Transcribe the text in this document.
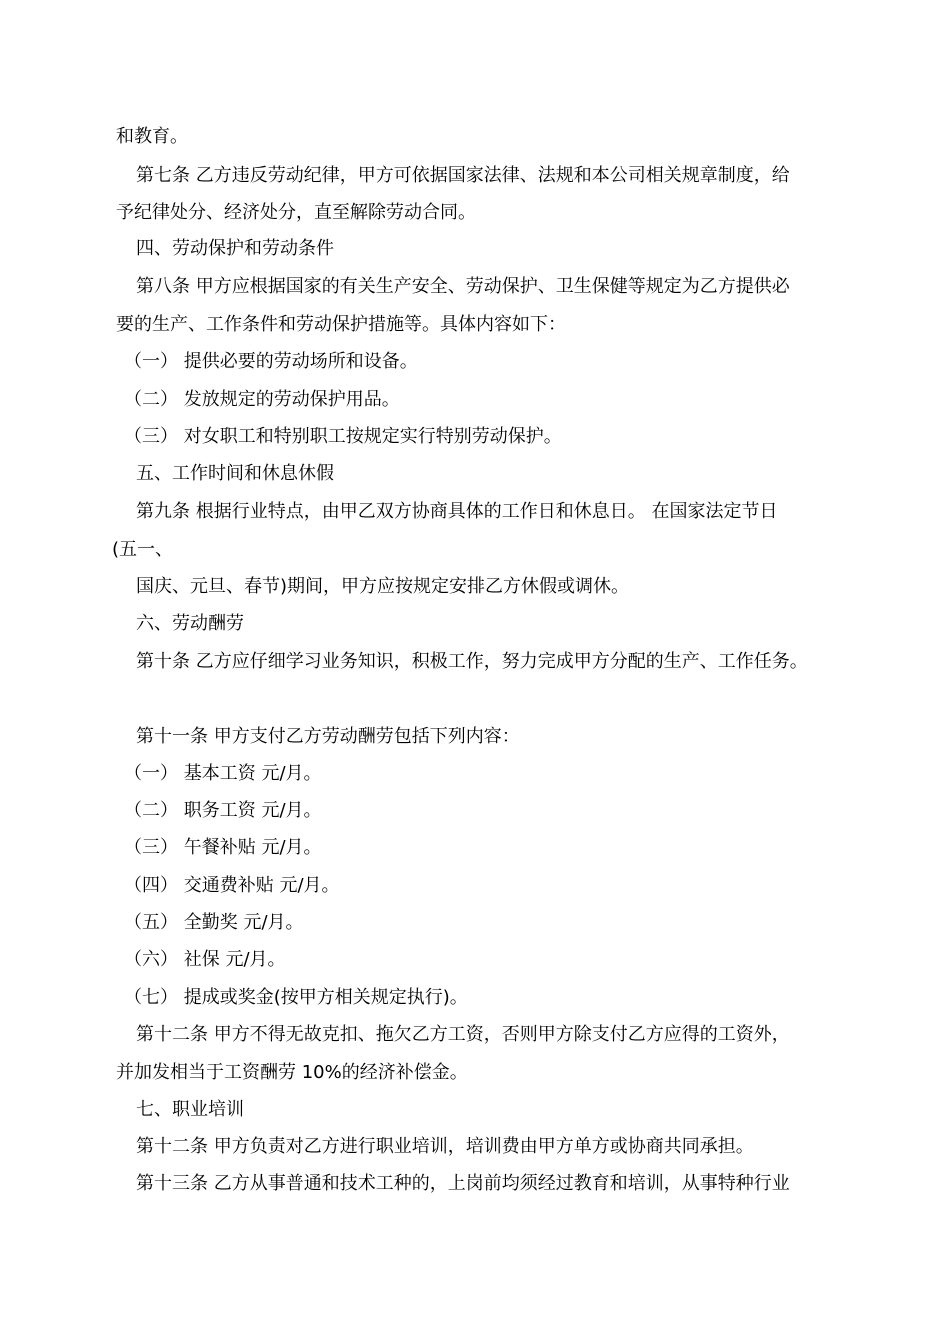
和教育。
第七条 乙方违反劳动纪律，甲方可依据国家法律、法规和本公司相关规章制度，给
予纪律处分、经济处分，直至解除劳动合同。
四、劳动保护和劳动条件
第八条 甲方应根据国家的有关生产安全、劳动保护、卫生保健等规定为乙方提供必
要的生产、工作条件和劳动保护措施等。具体内容如下：
（一） 提供必要的劳动场所和设备。
（二） 发放规定的劳动保护用品。
（三） 对女职工和特别职工按规定实行特别劳动保护。
五、工作时间和休息休假
第九条 根据行业特点，由甲乙双方协商具体的工作日和休息日。 在国家法定节日
(五一、
国庆、元旦、春节)期间，甲方应按规定安排乙方休假或调休。
六、劳动酬劳
第十条 乙方应仔细学习业务知识，积极工作，努力完成甲方分配的生产、工作任务。
第十一条 甲方支付乙方劳动酬劳包括下列内容：
（一） 基本工资 元/月。
（二） 职务工资 元/月。
（三） 午餐补贴 元/月。
（四） 交通费补贴 元/月。
（五） 全勤奖 元/月。
（六） 社保 元/月。
（七） 提成或奖金(按甲方相关规定执行)。
第十二条 甲方不得无故克扣、拖欠乙方工资，否则甲方除支付乙方应得的工资外，
并加发相当于工资酬劳 10%的经济补偿金。
七、职业培训
第十二条 甲方负责对乙方进行职业培训，培训费由甲方单方或协商共同承担。
第十三条 乙方从事普通和技术工种的，上岗前均须经过教育和培训，从事特种行业
